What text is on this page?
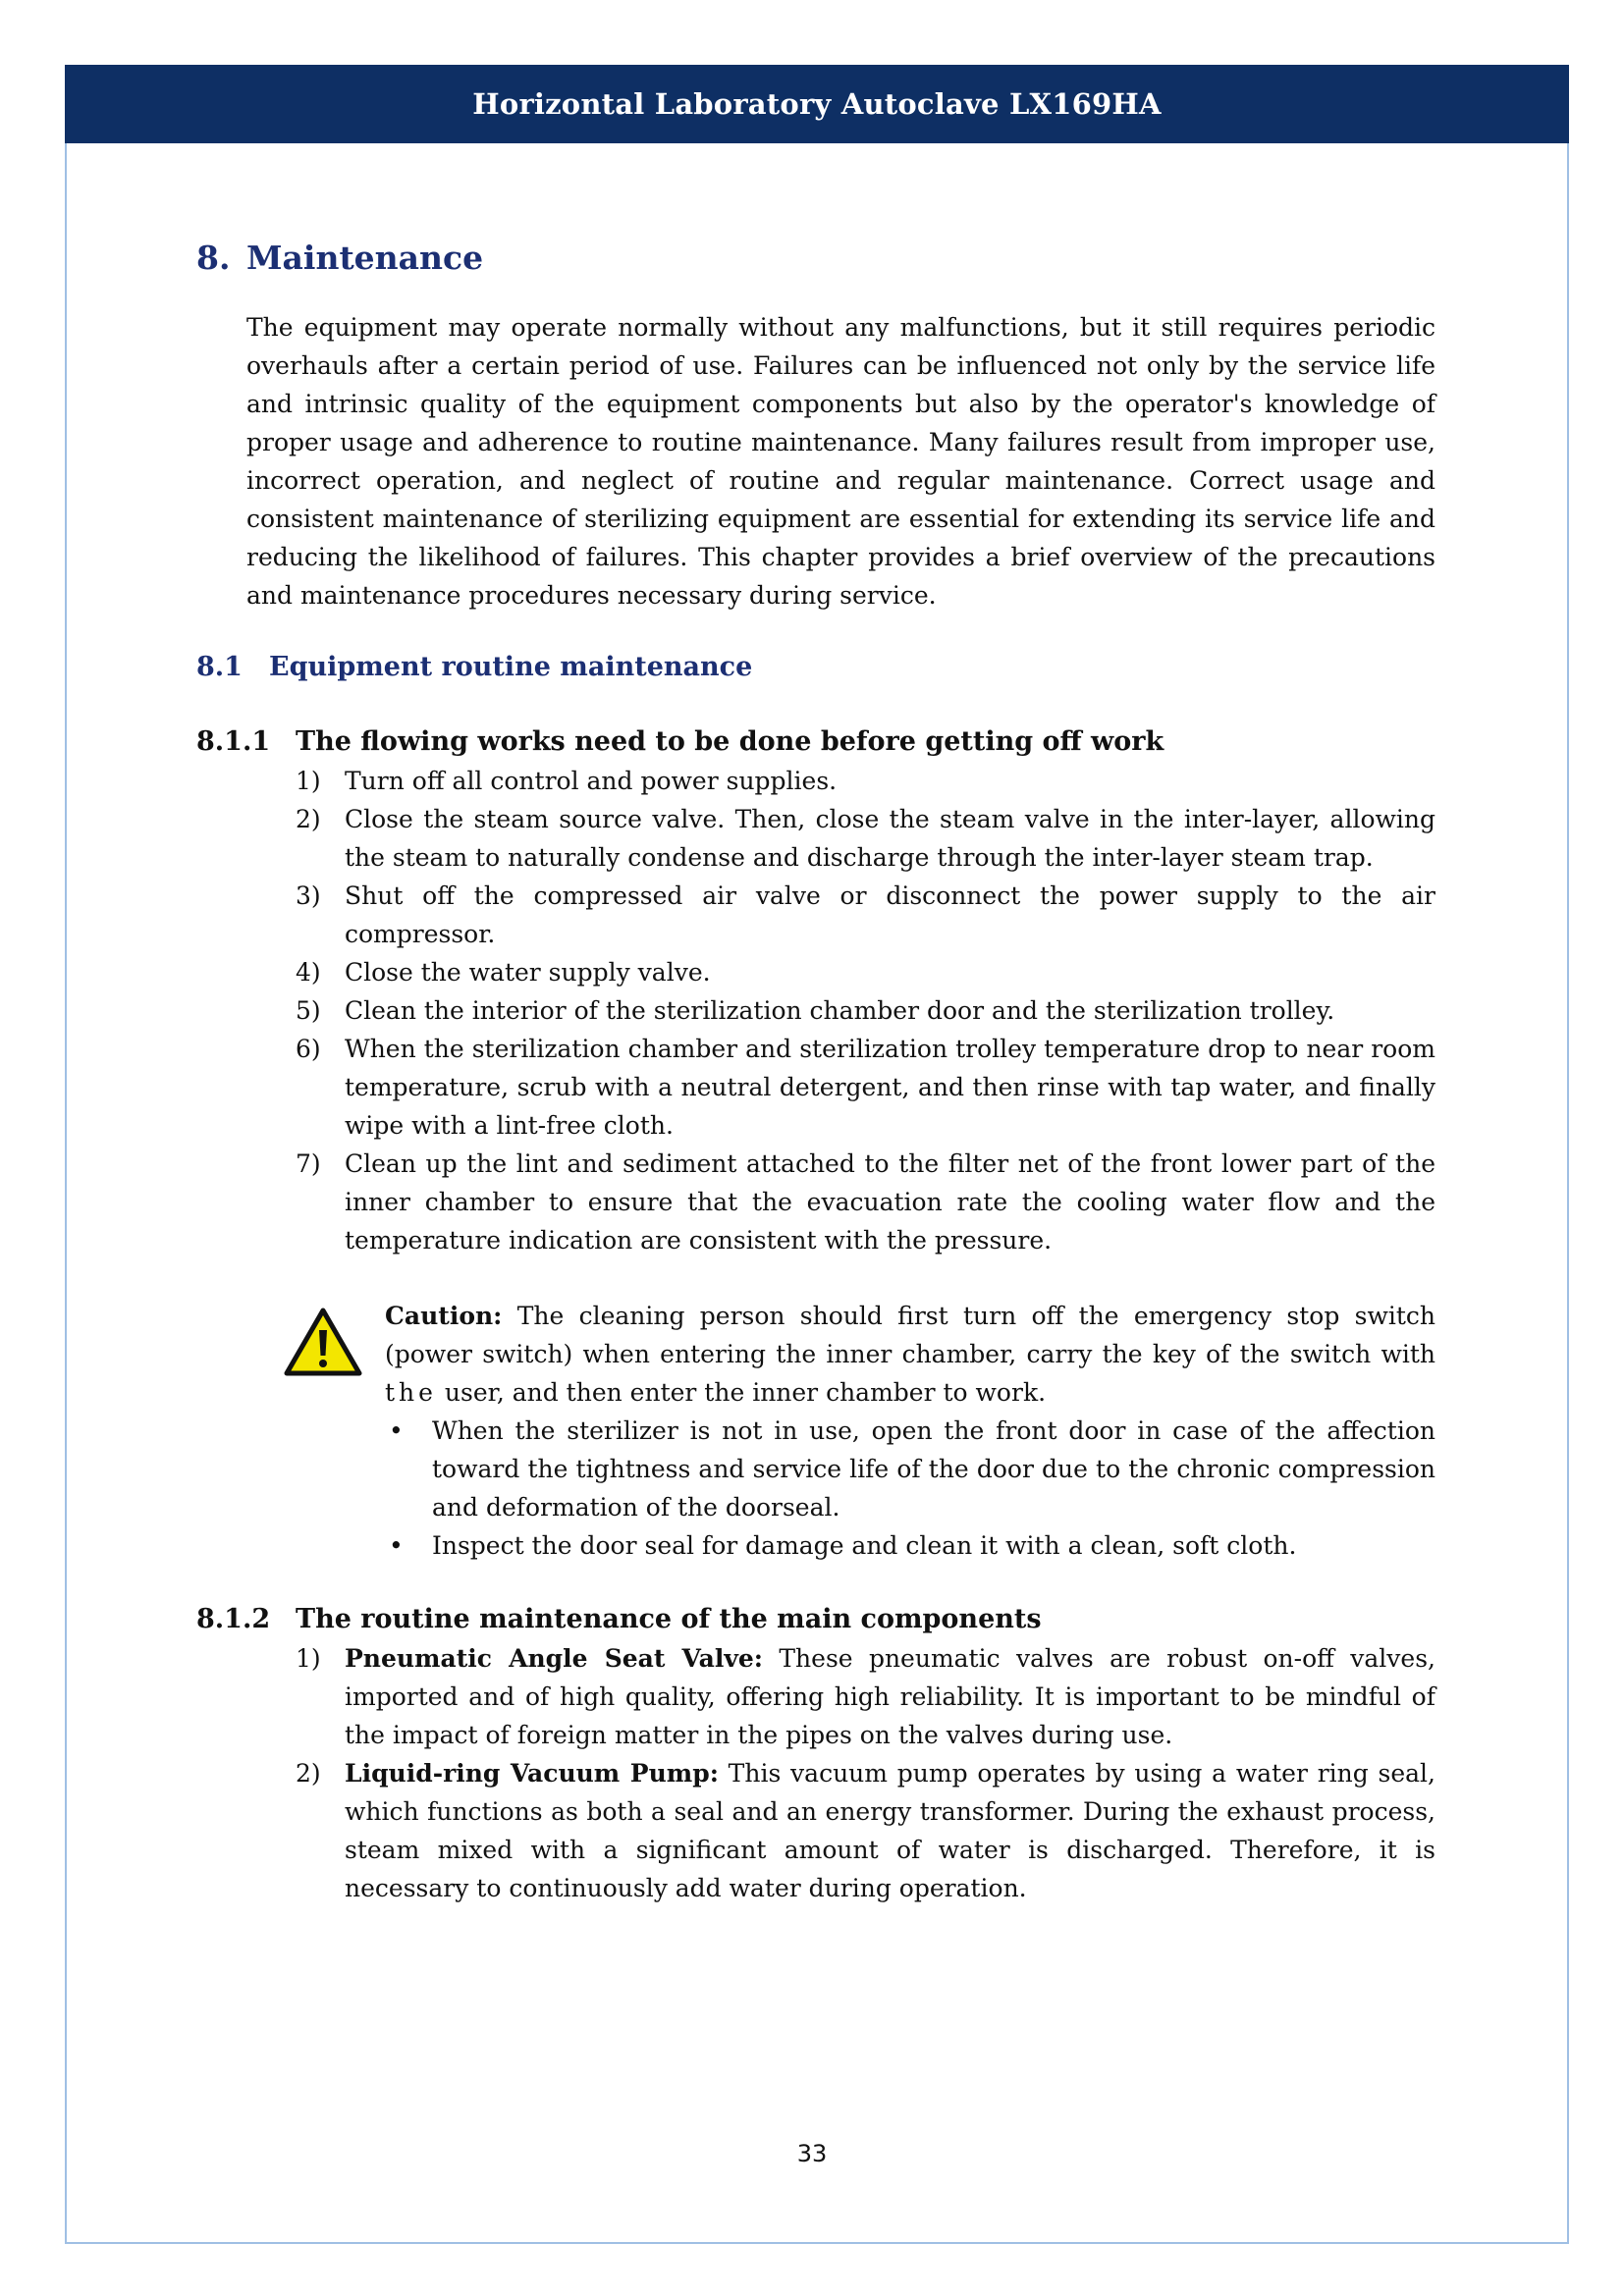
Horizontal Laboratory Autoclave LX169HA
8. Maintenance

The equipment may operate normally without any malfunctions, but it still requires periodic overhauls after a certain period of use. Failures can be influenced not only by the service life and intrinsic quality of the equipment components but also by the operator's knowledge of proper usage and adherence to routine maintenance. Many failures result from improper use, incorrect operation, and neglect of routine and regular maintenance. Correct usage and consistent maintenance of sterilizing equipment are essential for extending its service life and reducing the likelihood of failures. This chapter provides a brief overview of the precautions and maintenance procedures necessary during service.

8.1	Equipment routine maintenance
8.1.1 The flowing works need to be done before getting off work
1) Turn off all control and power supplies.
2) Close the steam source valve. Then, close the steam valve in the inter-layer, allowing the steam to naturally condense and discharge through the inter-layer steam trap.
3) Shut off the compressed air valve or disconnect the power supply to the air compressor.
4) Close the water supply valve.
5) Clean the interior of the sterilization chamber door and the sterilization trolley.
6) When the sterilization chamber and sterilization trolley temperature drop to near room temperature, scrub with a neutral detergent, and then rinse with tap water, and finally wipe with a lint-free cloth.
7) Clean up the lint and sediment attached to the filter net of the front lower part of the inner chamber to ensure that the evacuation rate the cooling water flow and the temperature indication are consistent with the pressure.

Caution: The cleaning person should first turn off the emergency stop switch (power switch) when entering the inner chamber, carry the key of the switch with the user, and then enter the inner chamber to work.

•	When the sterilizer is not in use, open the front door in case of the affection toward the tightness and service life of the door due to the chronic compression and deformation of the doorseal.
•	Inspect the door seal for damage and clean it with a clean, soft cloth.
8.1.2 The routine maintenance of the main components
1) Pneumatic Angle Seat Valve: These pneumatic valves are robust on-off valves, imported and of high quality, offering high reliability. It is important to be mindful of the impact of foreign matter in the pipes on the valves during use.
2) Liquid-ring Vacuum Pump: This vacuum pump operates by using a water ring seal, which functions as both a seal and an energy transformer. During the exhaust process, steam mixed with a significant amount of water is discharged. Therefore, it is necessary to continuously add water during operation.
33
